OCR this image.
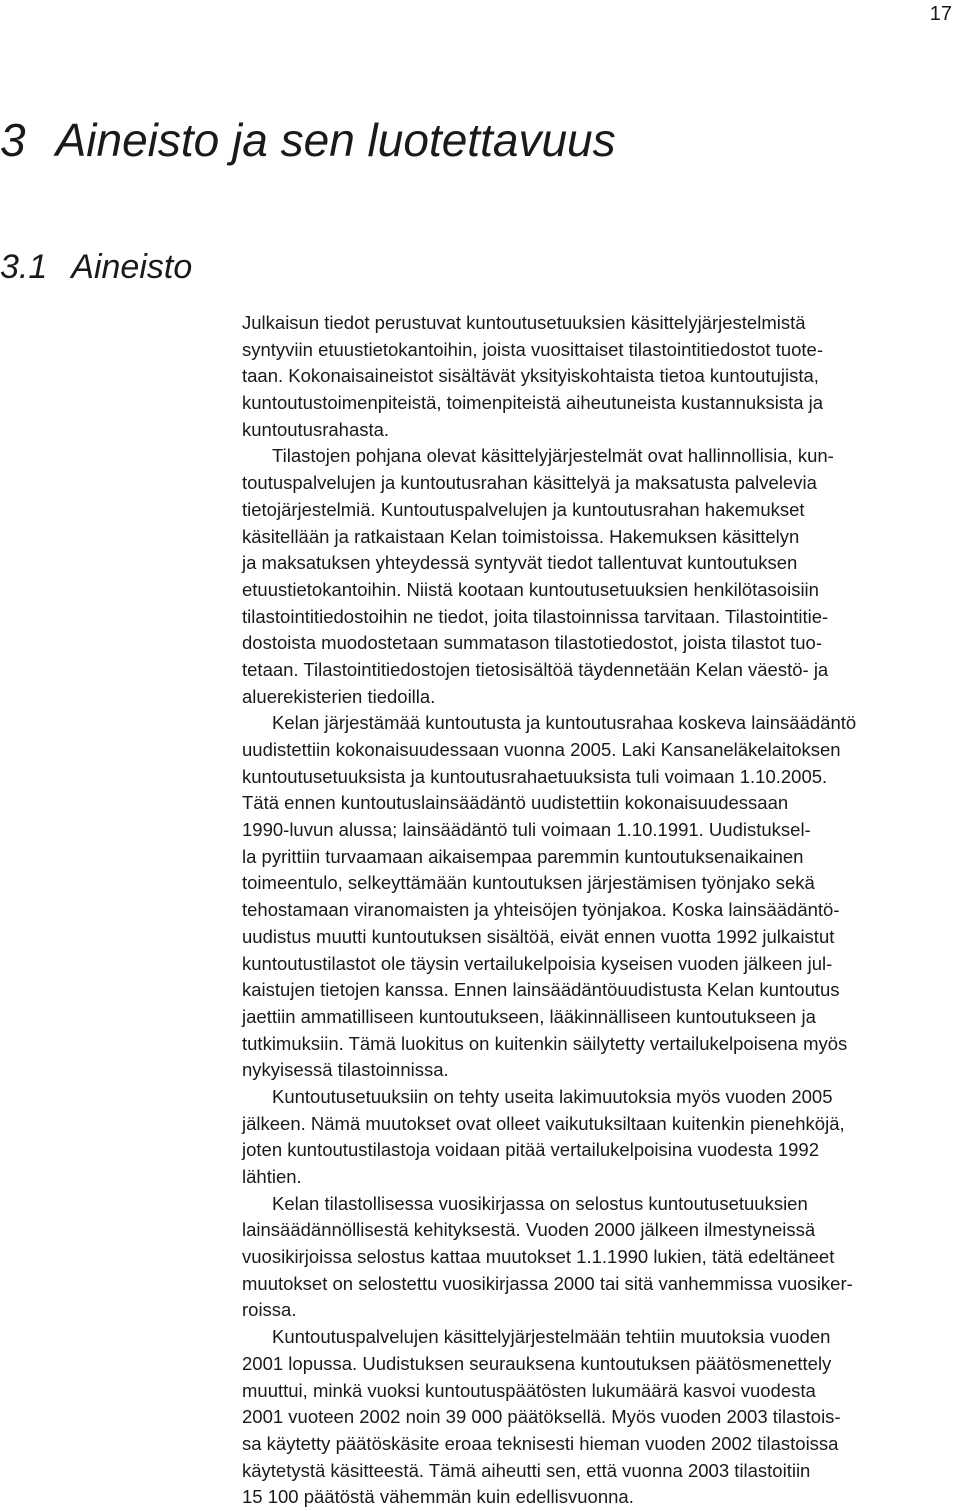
17
3 Aineisto ja sen luotettavuus
3.1 Aineisto
Julkaisun tiedot perustuvat kuntoutusetuuksien käsittelyjärjestelmistä
syntyviin etuustietokantoihin, joista vuosittaiset tilastointitiedostot tuote-
taan. Kokonaisaineistot sisältävät yksityiskohtaista tietoa kuntoutujista,
kuntoutustoimenpiteistä, toimenpiteistä aiheutuneista kustannuksista ja
kuntoutusrahasta.
Tilastojen pohjana olevat käsittelyjärjestelmät ovat hallinnollisia, kun-
toutuspalvelujen ja kuntoutusrahan käsittelyä ja maksatusta palvelevia
tietojärjestelmiä. Kuntoutuspalvelujen ja kuntoutusrahan hakemukset
käsitellään ja ratkaistaan Kelan toimistoissa. Hakemuksen käsittelyn
ja maksatuksen yhteydessä syntyvät tiedot tallentuvat kuntoutuksen
etuustietokantoihin. Niistä kootaan kuntoutusetuuksien henkilötasoisiin
tilastointitiedostoihin ne tiedot, joita tilastoinnissa tarvitaan. Tilastointitie-
dostoista muodostetaan summatason tilastotiedostot, joista tilastot tuo-
tetaan. Tilastointitiedostojen tietosisältöä täydennetään Kelan väestö- ja
aluerekisterien tiedoilla.
Kelan järjestämää kuntoutusta ja kuntoutusrahaa koskeva lainsäädäntö
uudistettiin kokonaisuudessaan vuonna 2005. Laki Kansaneläkelaitoksen
kuntoutusetuuksista ja kuntoutusrahaetuuksista tuli voimaan 1.10.2005.
Tätä ennen kuntoutuslainsäädäntö uudistettiin kokonaisuudessaan
1990-luvun alussa; lainsäädäntö tuli voimaan 1.10.1991. Uudistuksel-
la pyrittiin turvaamaan aikaisempaa paremmin kuntoutuksenaikainen
toimeentulo, selkeyttämään kuntoutuksen järjestämisen työnjako sekä
tehostamaan viranomaisten ja yhteisöjen työnjakoa. Koska lainsäädäntö-
uudistus muutti kuntoutuksen sisältöä, eivät ennen vuotta 1992 julkaistut
kuntoutustilastot ole täysin vertailukelpoisia kyseisen vuoden jälkeen jul-
kaistujen tietojen kanssa. Ennen lainsäädäntöuudistusta Kelan kuntoutus
jaettiin ammatilliseen kuntoutukseen, lääkinnälliseen kuntoutukseen ja
tutkimuksiin. Tämä luokitus on kuitenkin säilytetty vertailukelpoisena myös
nykyisessä tilastoinnissa.
Kuntoutusetuuksiin on tehty useita lakimuutoksia myös vuoden 2005
jälkeen. Nämä muutokset ovat olleet vaikutuksiltaan kuitenkin pienehköjä,
joten kuntoutustilastoja voidaan pitää vertailukelpoisina vuodesta 1992
lähtien.
Kelan tilastollisessa vuosikirjassa on selostus kuntoutusetuuksien
lainsäädännöllisestä kehityksestä. Vuoden 2000 jälkeen ilmestyneissä
vuosikirjoissa selostus kattaa muutokset 1.1.1990 lukien, tätä edeltäneet
muutokset on selostettu vuosikirjassa 2000 tai sitä vanhemmissa vuosiker-
roissa.
Kuntoutuspalvelujen käsittelyjärjestelmään tehtiin muutoksia vuoden
2001 lopussa. Uudistuksen seurauksena kuntoutuksen päätösmenettely
muuttui, minkä vuoksi kuntoutuspäätösten lukumäärä kasvoi vuodesta
2001 vuoteen 2002 noin 39 000 päätöksellä. Myös vuoden 2003 tilastois-
sa käytetty päätöskäsite eroaa teknisesti hieman vuoden 2002 tilastoissa
käytetystä käsitteestä. Tämä aiheutti sen, että vuonna 2003 tilastoitiin
15 100 päätöstä vähemmän kuin edellisvuonna.
